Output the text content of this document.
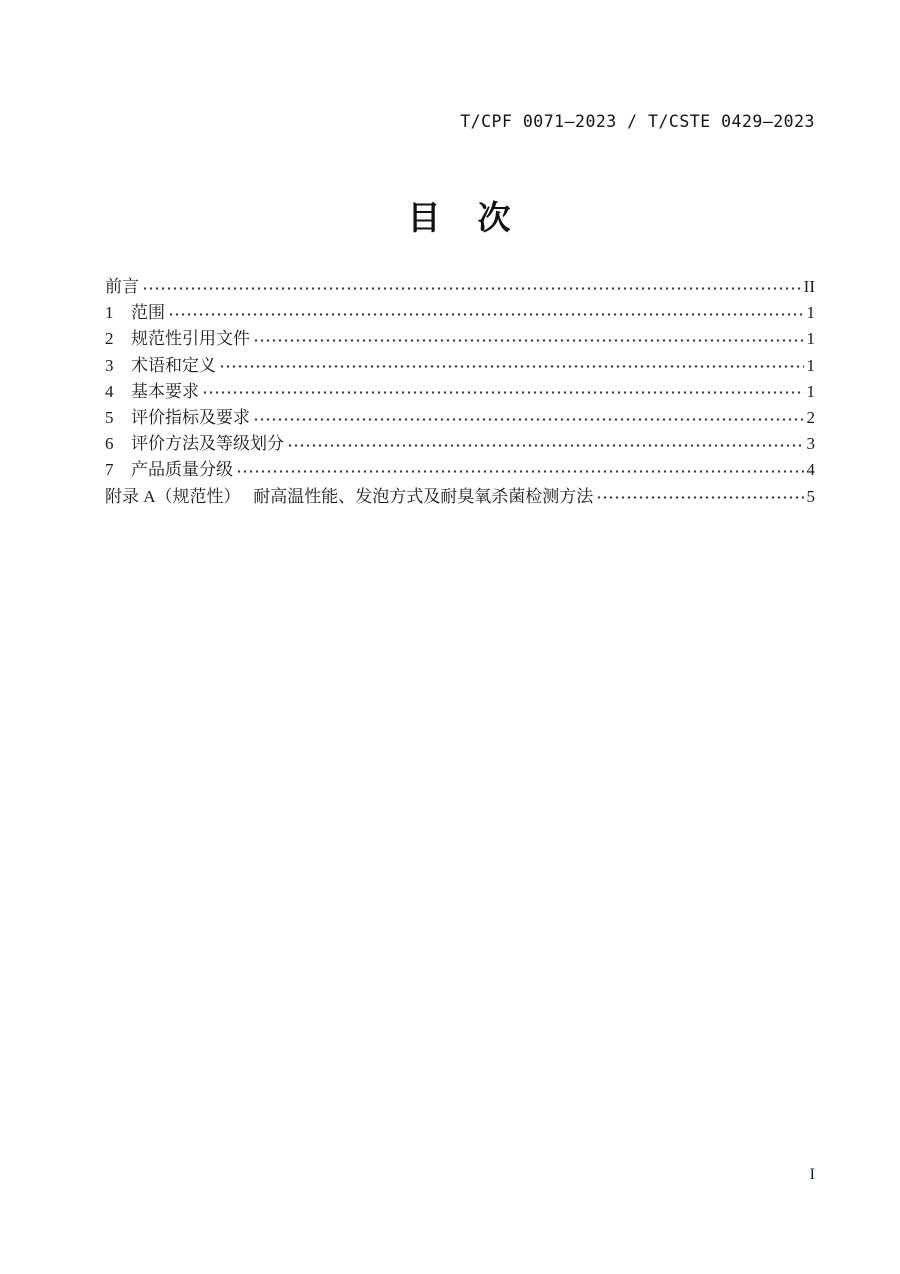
T/CPF 0071—2023 / T/CSTE 0429—2023
目　次
前言	II
1	范围	1
2	规范性引用文件	1
3	术语和定义	1
4	基本要求	1
5	评价指标及要求	2
6	评价方法及等级划分	3
7	产品质量分级	4
附录 A（规范性）　 耐高温性能、发泡方式及耐臭氧杀菌检测方法	5
I
